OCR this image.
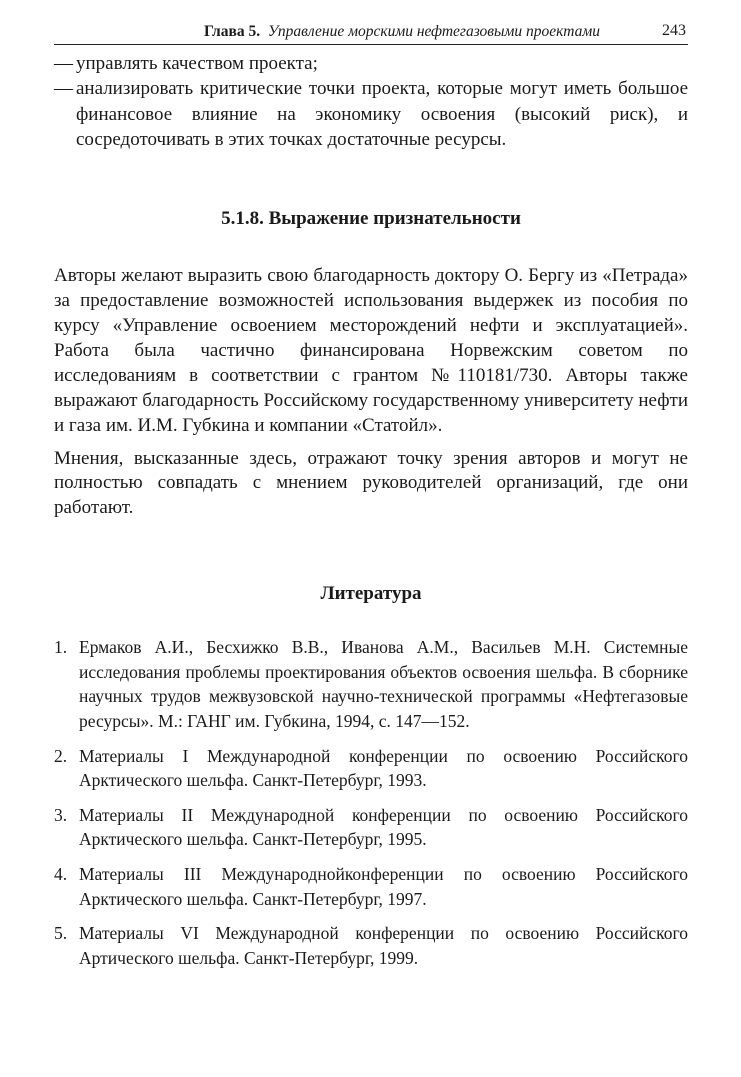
Глава 5. Управление морскими нефтегазовыми проектами	243
— управлять качеством проекта;
— анализировать критические точки проекта, которые могут иметь большое финансовое влияние на экономику освоения (высокий риск), и сосредоточивать в этих точках достаточные ресурсы.
5.1.8. Выражение признательности

Авторы желают выразить свою благодарность доктору О. Бергу из «Петрада» за предоставление возможностей использования выдержек из пособия по курсу «Управление освоением месторождений нефти и эксплуатацией». Работа была частично финансирована Норвежским советом по исследованиям в соответствии с грантом №110181/730. Авторы также выражают благодарность Российскому государственному университету нефти и газа им. И.М. Губкина и компании «Статойл».

Мнения, высказанные здесь, отражают точку зрения авторов и могут не полностью совпадать с мнением руководителей организаций, где они работают.

Литература
1. Ермаков А.И., Бесхижко В.В., Иванова А.М., Васильев М.Н. Системные исследования проблемы проектирования объектов освоения шельфа. В сборнике научных трудов межвузовской научно-технической программы «Нефтегазовые ресурсы». М.: ГАНГ им. Губкина, 1994, с. 147—152.
2. Материалы I Международной конференции по освоению Российского Арктического шельфа. Санкт-Петербург, 1993.
3. Материалы II Международной конференции по освоению Российского Арктического шельфа. Санкт-Петербург, 1995.
4. Материалы III Международнойконференции по освоению Российского Арктического шельфа. Санкт-Петербург, 1997.
5. Материалы VI Международной конференции по освоению Российского Артического шельфа. Санкт-Петербург, 1999.
